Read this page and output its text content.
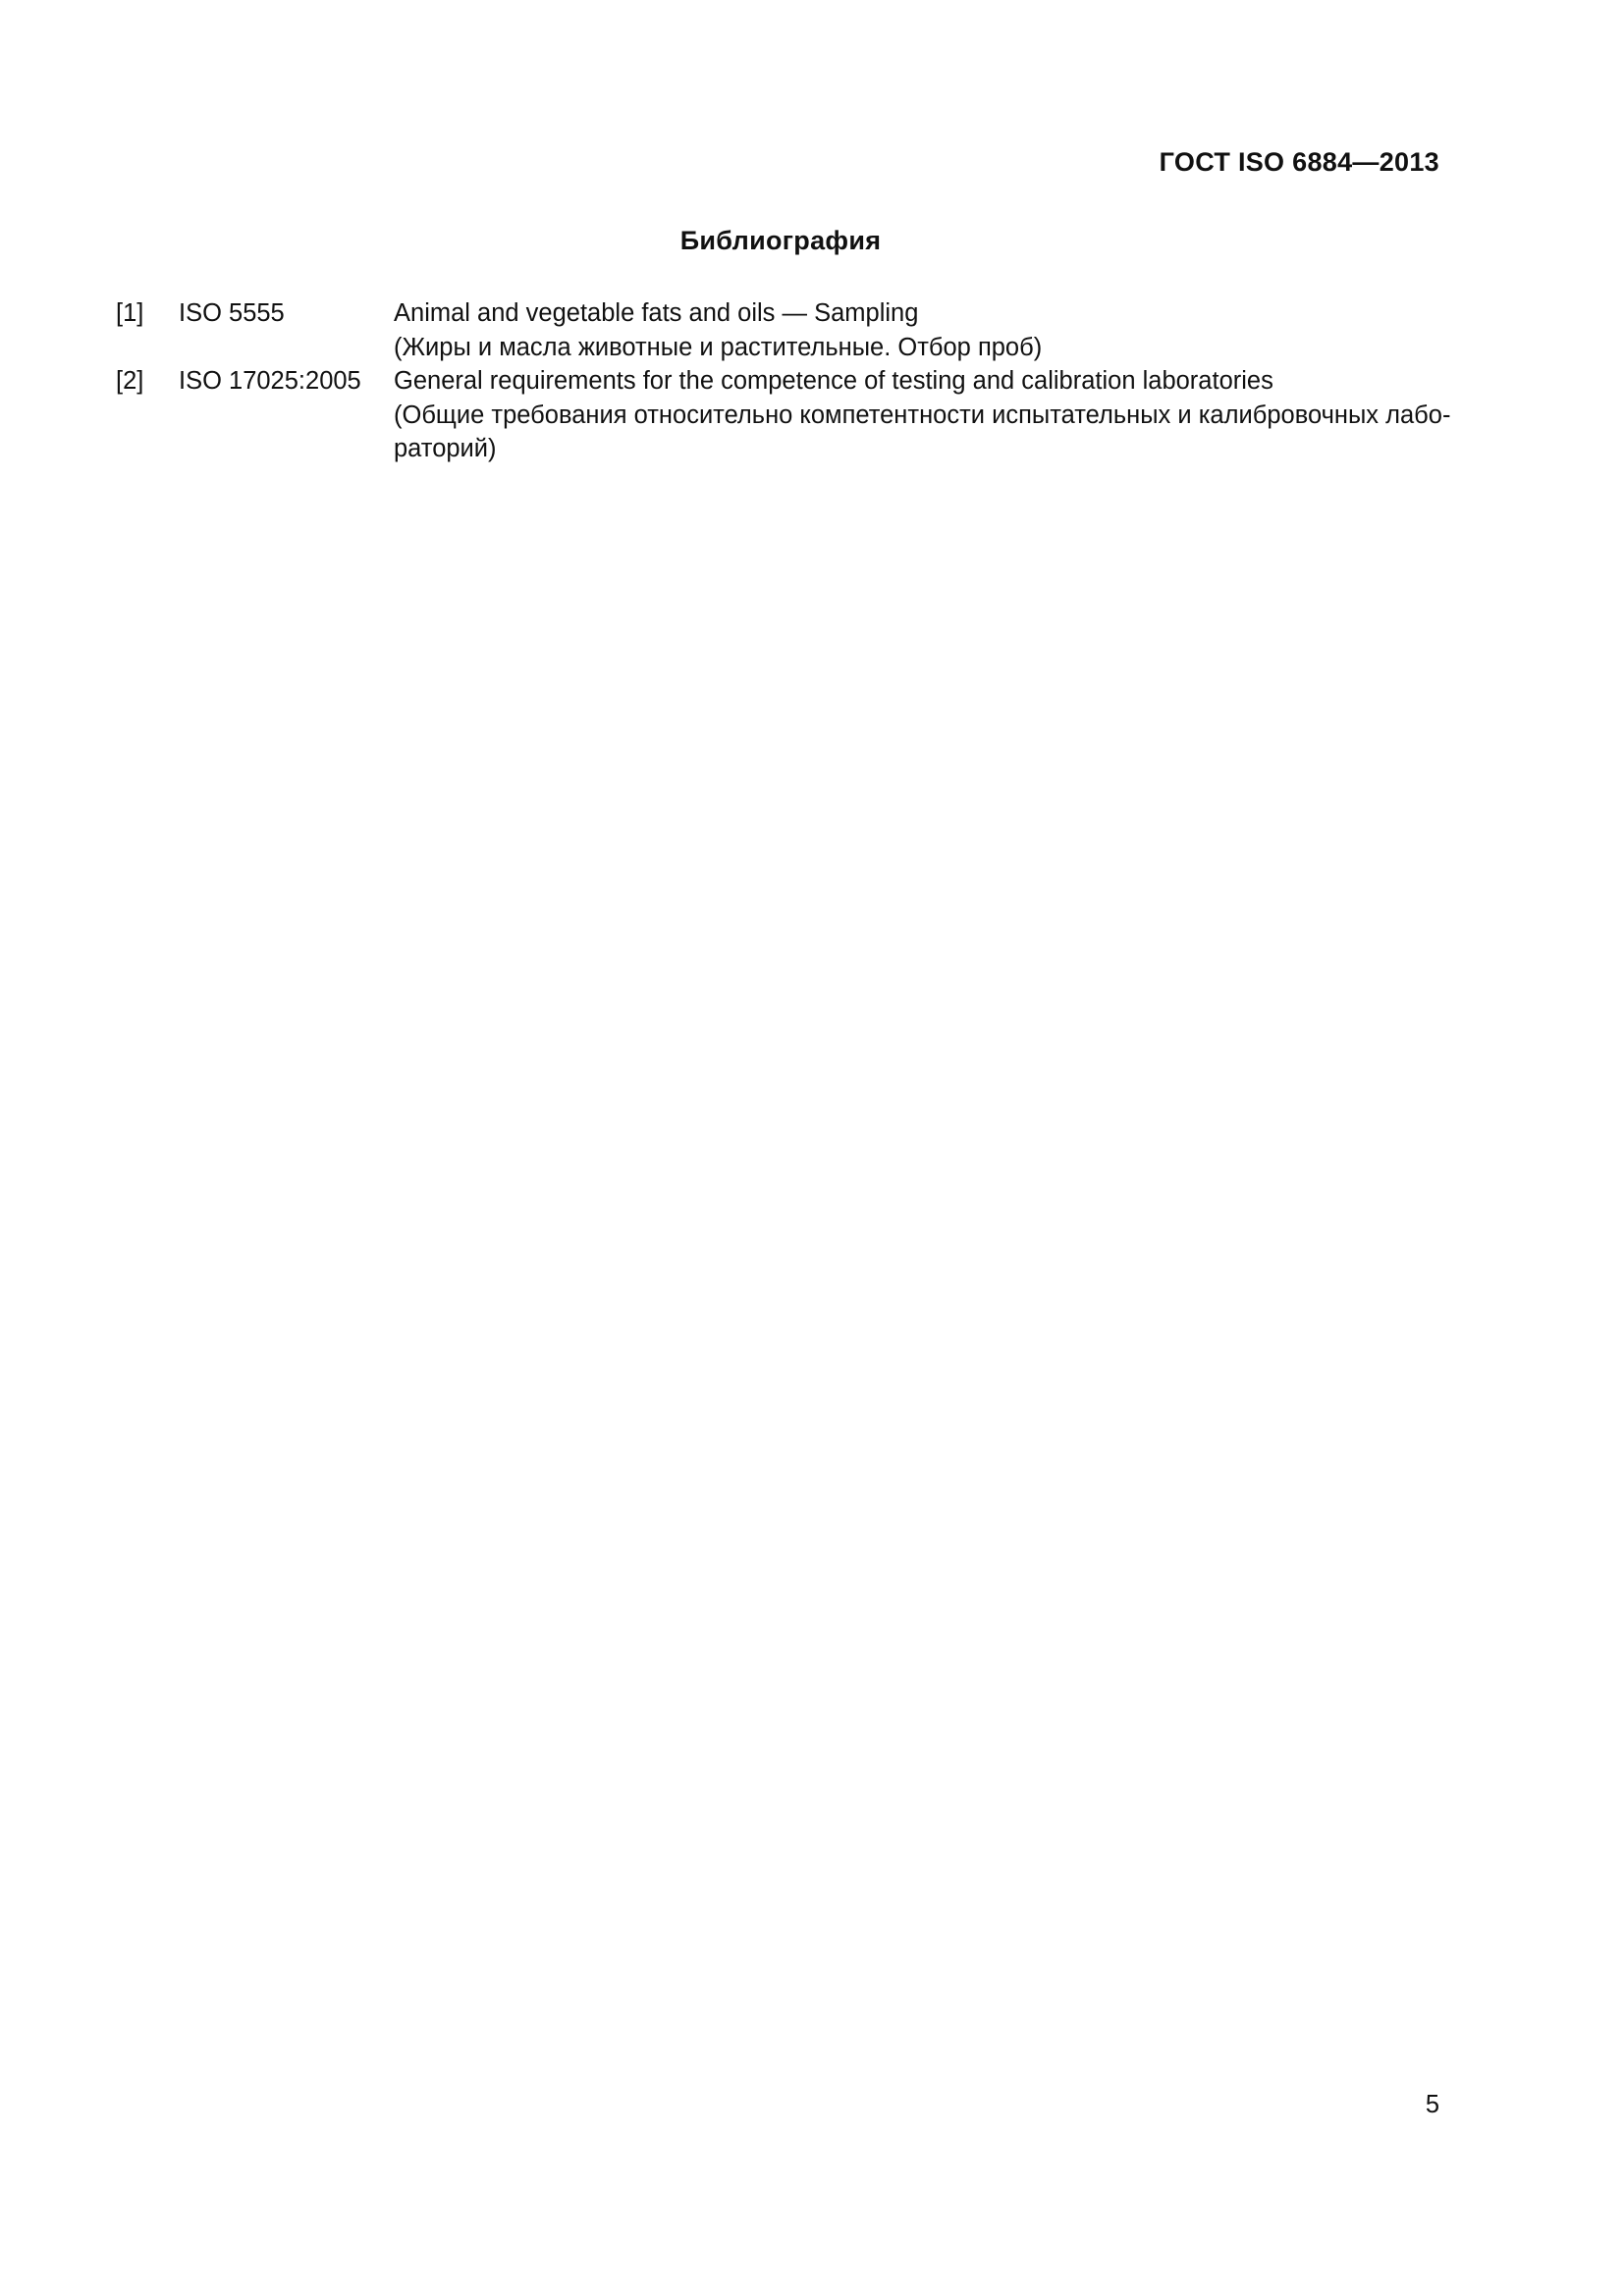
ГОСТ ISO 6884—2013
Библиография
[1]	ISO 5555	Animal and vegetable fats and oils — Sampling
(Жиры и масла животные и растительные. Отбор проб)
[2]	ISO 17025:2005	General requirements for the competence of testing and calibration laboratories
(Общие требования относительно компетентности испытательных и калибровочных лабо-
раторий)
5
